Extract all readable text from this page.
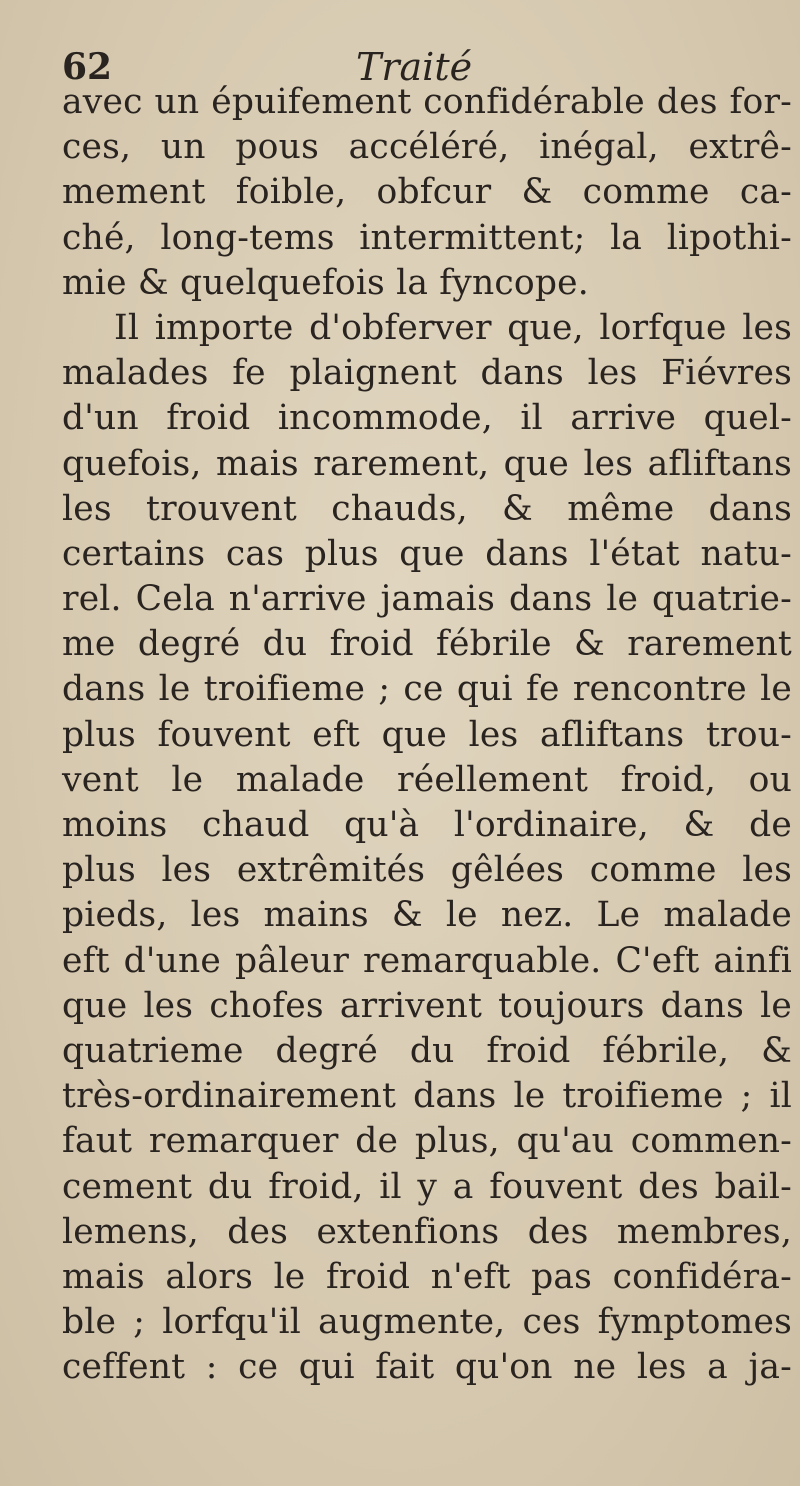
62	Traité
avec un épuifement confidérable des for-
ces, un pous accéléré, inégal, extrê-
mement foible, obfcur & comme ca-
ché, long-tems intermittent; la lipothi-
mie & quelquefois la fyncope.
Il importe d'obferver que, lorfque les
malades fe plaignent dans les Fiévres
d'un froid incommode, il arrive quel-
quefois, mais rarement, que les afliftans
les trouvent chauds, & même dans
certains cas plus que dans l'état natu-
rel. Cela n'arrive jamais dans le quatrie-
me degré du froid fébrile & rarement
dans le troifieme ; ce qui fe rencontre le
plus fouvent eft que les afliftans trou-
vent le malade réellement froid, ou
moins chaud qu'à l'ordinaire, & de
plus les extrêmités gêlées comme les
pieds, les mains & le nez. Le malade
eft d'une pâleur remarquable. C'eft ainfi
que les chofes arrivent toujours dans le
quatrieme degré du froid fébrile, &
très-ordinairement dans le troifieme ; il
faut remarquer de plus, qu'au commen-
cement du froid, il y a fouvent des bail-
lemens, des extenfions des membres,
mais alors le froid n'eft pas confidéra-
ble ; lorfqu'il augmente, ces fymptomes
ceffent : ce qui fait qu'on ne les a ja-
